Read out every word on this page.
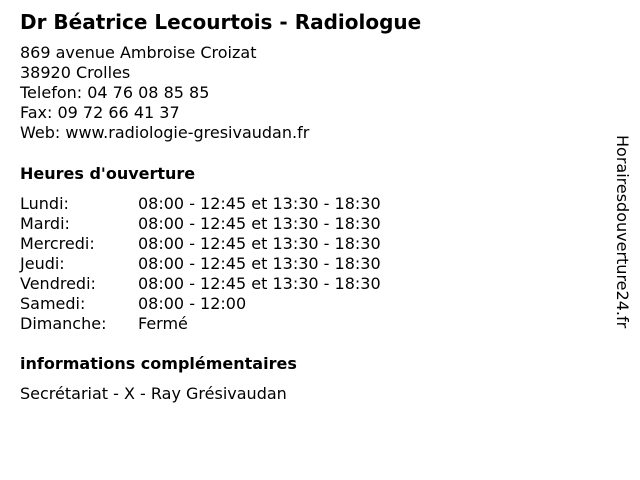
Dr Béatrice Lecourtois - Radiologue
869 avenue Ambroise Croizat
38920 Crolles
Telefon: 04 76 08 85 85
Fax: 09 72 66 41 37
Web: www.radiologie-gresivaudan.fr
Heures d'ouverture
Lundi:	08:00 - 12:45 et 13:30 - 18:30
Mardi:	08:00 - 12:45 et 13:30 - 18:30
Mercredi:	08:00 - 12:45 et 13:30 - 18:30
Jeudi:	08:00 - 12:45 et 13:30 - 18:30
Vendredi:	08:00 - 12:45 et 13:30 - 18:30
Samedi:	08:00 - 12:00
Dimanche:	Fermé
informations complémentaires
Secrétariat - X - Ray Grésivaudan
Horairesdouverture24.fr
